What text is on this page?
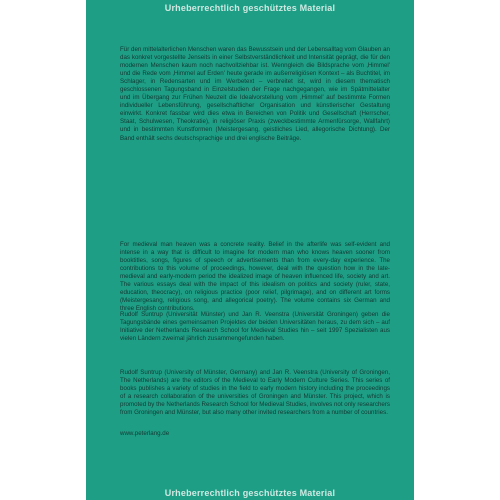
Urheberrechtlich geschütztes Material

Für den mittelalterlichen Menschen waren das Bewusstsein und der Lebensalltag vom Glauben an das konkret vorgestellte Jenseits in einer Selbstverständlichkeit und Intensität geprägt, die für den modernen Menschen kaum noch nachvollziehbar ist. Wenngleich die Bildsprache vom ‚Himmel' und die Rede vom ‚Himmel auf Erden' heute gerade im außerreligiösen Kontext – als Buchtitel, im Schlager, in Redensarten und im Werbetext – verbreitet ist, wird in diesem thematisch geschlossenen Tagungsband in Einzelstudien der Frage nachgegangen, wie im Spätmittelalter und im Übergang zur Frühen Neuzeit die Idealvorstellung vom ‚Himmel' auf bestimmte Formen individueller Lebensführung, gesellschaftlicher Organisation und künstlerischer Gestaltung einwirkt. Konkret fassbar wird dies etwa in Bereichen von Politik und Gesellschaft (Herrscher, Staat, Schulwesen, Theokratie), in religiöser Praxis (zweckbestimmte Armenfürsorge, Wallfahrt) und in bestimmten Kunstformen (Meistergesang, geistliches Lied, allegorische Dichtung). Der Band enthält sechs deutschsprachige und drei englische Beiträge.

For medieval man heaven was a concrete reality. Belief in the afterlife was self-evident and intense in a way that is difficult to imagine for modern man who knows heaven sooner from booktitles, songs, figures of speech or advertisements than from every-day experience. The contributions to this volume of proceedings, however, deal with the question how in the late-medieval and early-modern period the idealized image of heaven influenced life, society and art. The various essays deal with the impact of this idealism on politics and society (ruler, state, education, theocracy), on religious practice (poor relief, pilgrimage), and on different art forms (Meistergesang, religious song, and allegorical poetry). The volume contains six German and three English contributions.

Rudolf Suntrup (Universität Münster) und Jan R. Veenstra (Universität Groningen) geben die Tagungsbände eines gemeinsamen Projektes der beiden Universitäten heraus, zu dem sich – auf Initiative der Netherlands Research School for Medieval Studies hin – seit 1997 Spezialisten aus vielen Ländern zweimal jährlich zusammengefunden haben.

Rudolf Suntrup (University of Münster, Germany) and Jan R. Veenstra (University of Groningen, The Netherlands) are the editors of the Medieval to Early Modern Culture Series. This series of books publishes a variety of studies in the field to early modern history including the proceedings of a research collaboration of the universities of Groningen and Münster. This project, which is promoted by the Netherlands Research School for Medieval Studies, involves not only researchers from Groningen and Münster, but also many other invited researchers from a number of countries.

www.peterlang.de
Urheberrechtlich geschütztes Material
